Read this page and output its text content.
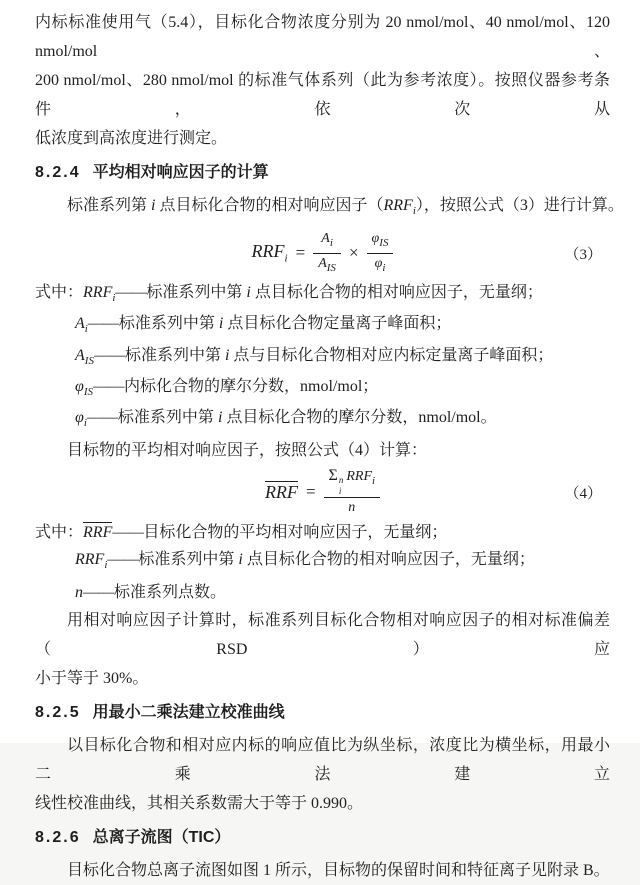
内标标准使用气（5.4），目标化合物浓度分别为 20 nmol/mol、40 nmol/mol、120 nmol/mol、
200 nmol/mol、280 nmol/mol 的标准气体系列（此为参考浓度）。按照仪器参考条件，依次从
低浓度到高浓度进行测定。
8.2.4 平均相对响应因子的计算
标准系列第 i 点目标化合物的相对响应因子$(RRF_i)$，按照公式（3）进行计算。
$RRF_i = \frac{A_i}{A_{IS}} \times \frac{\varphi_{IS}}{\varphi_i}$	（3）
式中：$RRF_i——$标准系列中第 i 点目标化合物的相对响应因子，无量纲；
$A_i——$标准系列中第 i 点目标化合物定量离子峰面积；
$A_{IS}——$标准系列中第 i 点与目标化合物相对应内标定量离子峰面积；
$\varphi_{IS}——$内标化合物的摩尔分数，nmol/mol；
$\varphi_i——$标准系列中第 i 点目标化合物的摩尔分数，nmol/mol。
目标物的平均相对响应因子，按照公式（4）计算：
RRF = Σ n
i
$RRF_i$
n	（4）
式中：RRF——目标化合物的平均相对响应因子，无量纲；
$RRF_i——$标准系列中第 i 点目标化合物的相对响应因子，无量纲；
n——标准系列点数。
用相对响应因子计算时，标准系列目标化合物相对响应因子的相对标准偏差（RSD）应
小于等于 30%。
8.2.5 用最小二乘法建立校准曲线
以目标化合物和相对应内标的响应值比为纵坐标，浓度比为横坐标，用最小二乘法建立
线性校准曲线，其相关系数需大于等于 0.990。
8.2.6 总离子流图（TIC）
目标化合物总离子流图如图 1 所示，目标物的保留时间和特征离子见附录 B。
